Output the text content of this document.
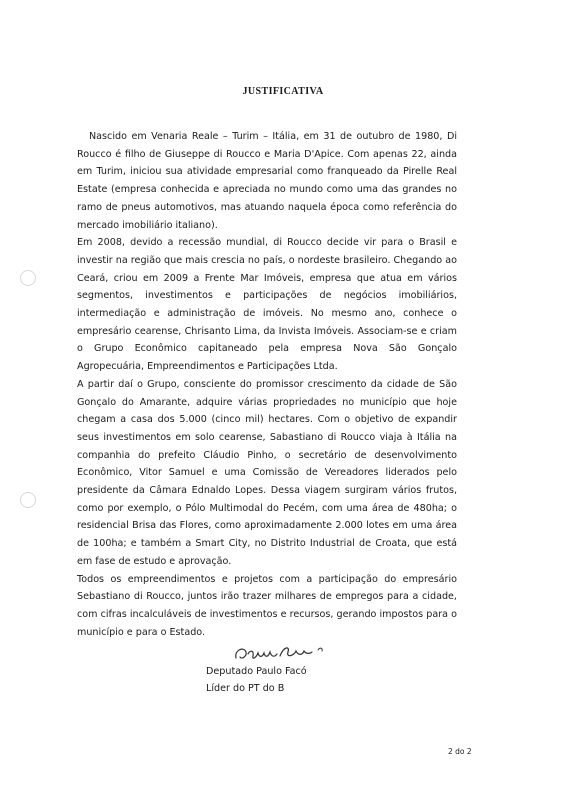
JUSTIFICATIVA

Nascido em Venaria Reale – Turim – Itália, em 31 de outubro de 1980, Di Roucco é filho de Giuseppe di Roucco e Maria D'Apice. Com apenas 22, ainda em Turim, iniciou sua atividade empresarial como franqueado da Pirelle Real Estate (empresa conhecida e apreciada no mundo como uma das grandes no ramo de pneus automotivos, mas atuando naquela época como referência do mercado imobiliário italiano).

Em 2008, devido a recessão mundial, di Roucco decide vir para o Brasil e investir na região que mais crescia no país, o nordeste brasileiro. Chegando ao Ceará, criou em 2009 a Frente Mar Imóveis, empresa que atua em vários segmentos, investimentos e participações de negócios imobiliários, intermediação e administração de imóveis. No mesmo ano, conhece o empresário cearense, Chrisanto Lima, da Invista Imóveis. Associam-se e criam o Grupo Econômico capitaneado pela empresa Nova São Gonçalo Agropecuária, Empreendimentos e Participações Ltda.

A partir daí o Grupo, consciente do promissor crescimento da cidade de São Gonçalo do Amarante, adquire várias propriedades no município que hoje chegam a casa dos 5.000 (cinco mil) hectares. Com o objetivo de expandir seus investimentos em solo cearense, Sabastiano di Roucco viaja à Itália na companhia do prefeito Cláudio Pinho, o secretário de desenvolvimento Econômico, Vitor Samuel e uma Comissão de Vereadores liderados pelo presidente da Câmara Ednaldo Lopes. Dessa viagem surgiram vários frutos, como por exemplo, o Pólo Multimodal do Pecém, com uma área de 480ha; o residencial Brisa das Flores, como aproximadamente 2.000 lotes em uma área de 100ha; e também a Smart City, no Distrito Industrial de Croata, que está em fase de estudo e aprovação.

Todos os empreendimentos e projetos com a participação do empresário Sebastiano di Roucco, juntos irão trazer milhares de empregos para a cidade, com cifras incalculáveis de investimentos e recursos, gerando impostos para o município e para o Estado.

Deputado Paulo Facó
Líder do PT do B
2 do 2
